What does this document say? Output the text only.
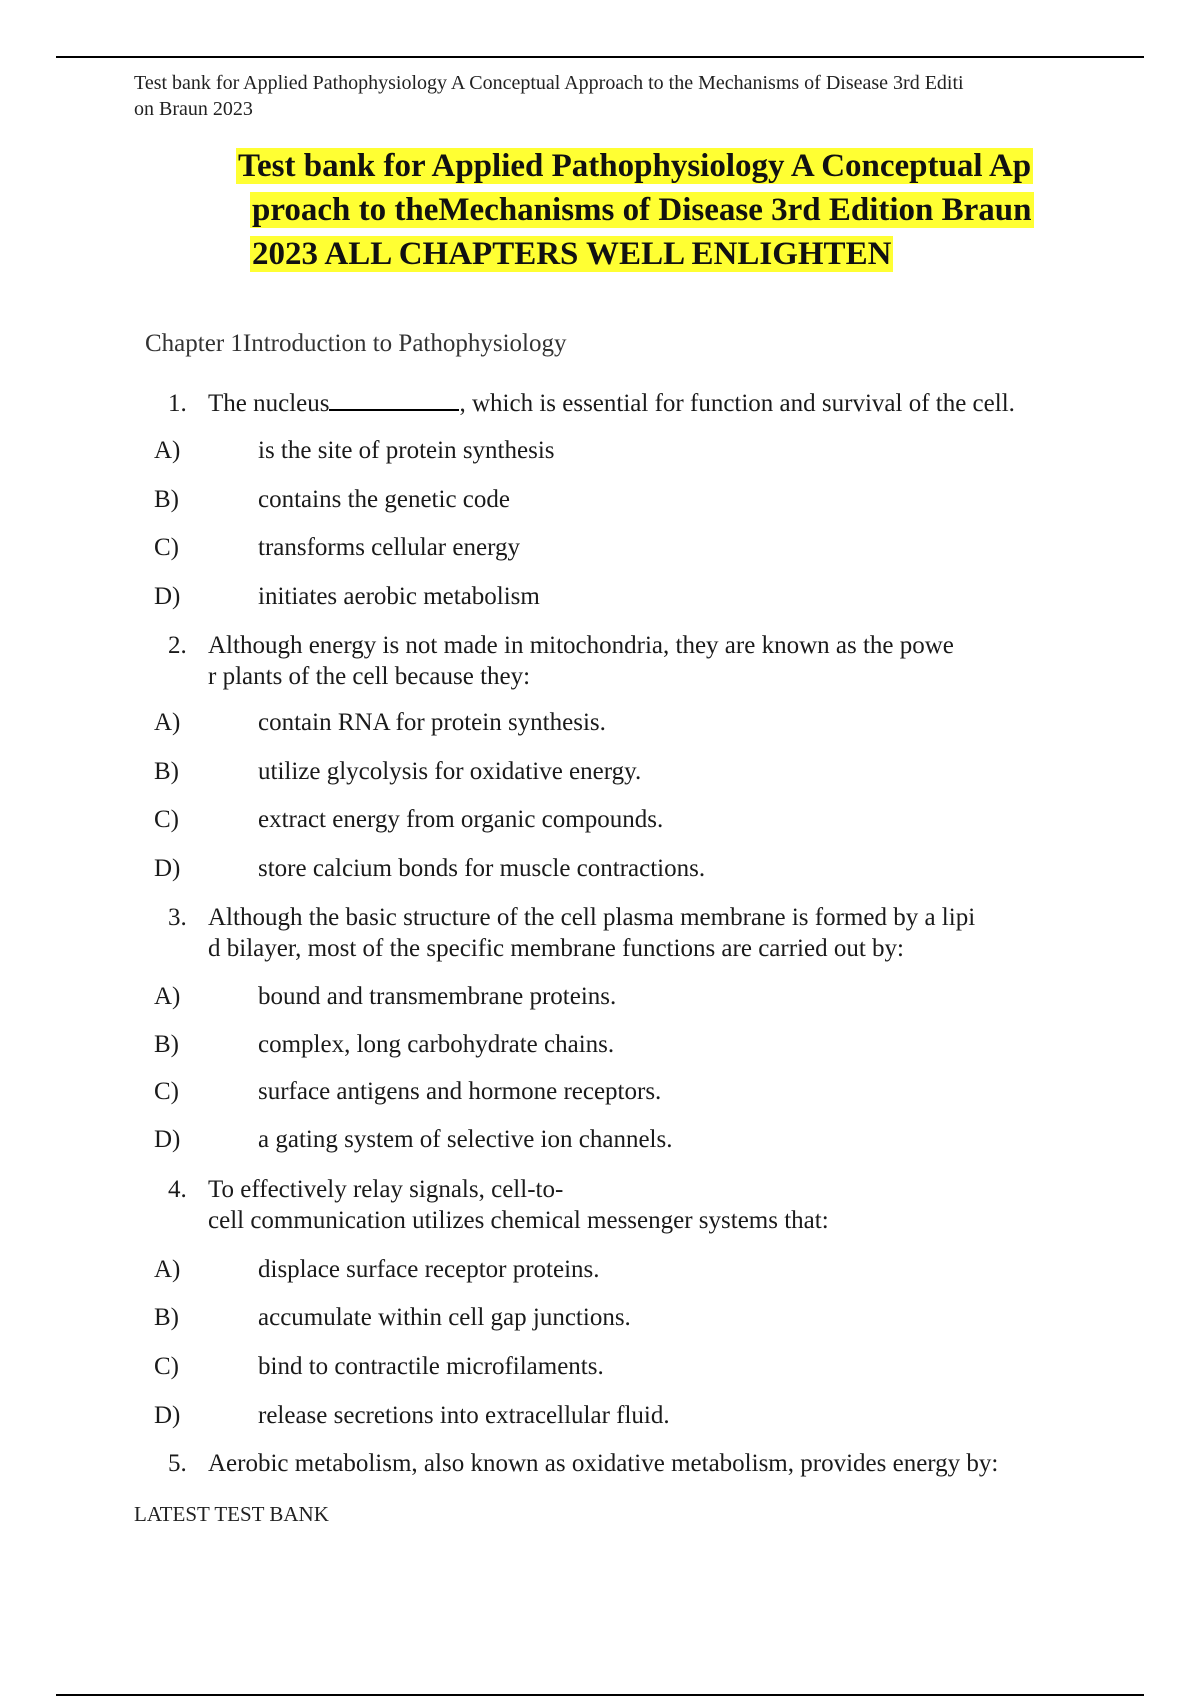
Test bank for Applied Pathophysiology A Conceptual Approach to the Mechanisms of Disease 3rd Editi
on Braun 2023
Test bank for Applied Pathophysiology A Conceptual Ap
proach to theMechanisms of Disease 3rd Edition Braun
2023 ALL CHAPTERS WELL ENLIGHTEN
Chapter 1Introduction to Pathophysiology
1. The nucleus	, which is essential for function and survival of the cell.
A)	is the site of protein synthesis
B)	contains the genetic code
C)	transforms cellular energy
D)	initiates aerobic metabolism
2. Although energy is not made in mitochondria, they are known as the powe
r plants of the cell because they:
A)	contain RNA for protein synthesis.
B)	utilize glycolysis for oxidative energy.
C)	extract energy from organic compounds.
D)	store calcium bonds for muscle contractions.
3. Although the basic structure of the cell plasma membrane is formed by a lipi
d bilayer, most of the specific membrane functions are carried out by:
A)	bound and transmembrane proteins.
B)	complex, long carbohydrate chains.
C)	surface antigens and hormone receptors.
D)	a gating system of selective ion channels.
4. To effectively relay signals, cell-to-
cell communication utilizes chemical messenger systems that:
A)	displace surface receptor proteins.
B)	accumulate within cell gap junctions.
C)	bind to contractile microfilaments.
D)	release secretions into extracellular fluid.
5. Aerobic metabolism, also known as oxidative metabolism, provides energy by:
LATEST TEST BANK
